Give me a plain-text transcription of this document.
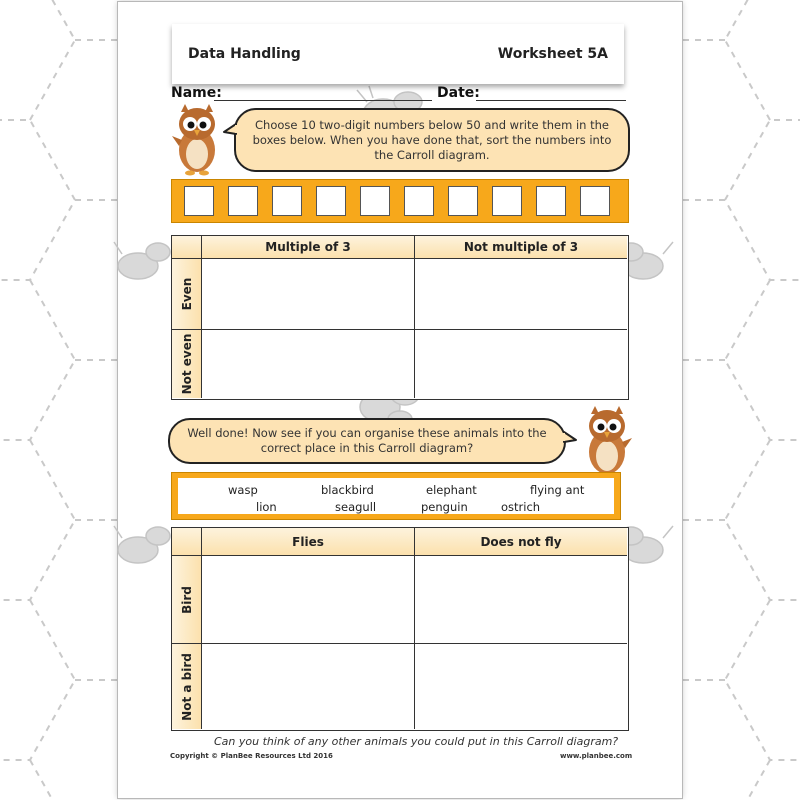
Data Handling	Worksheet 5A
Name:	Date:
Choose 10 two-digit numbers below 50 and write them in the boxes below. When you have done that, sort the numbers into the Carroll diagram.
Multiple of 3	Not multiple of 3
Even
Not even
Well done! Now see if you can organise these animals into the correct place in this Carroll diagram?
wasp	blackbird	elephant	flying ant
lion	seagull	penguin	ostrich
Flies	Does not fly
Bird
Not a bird
Can you think of any other animals you could put in this Carroll diagram?
Copyright © PlanBee Resources Ltd 2016	www.planbee.com
